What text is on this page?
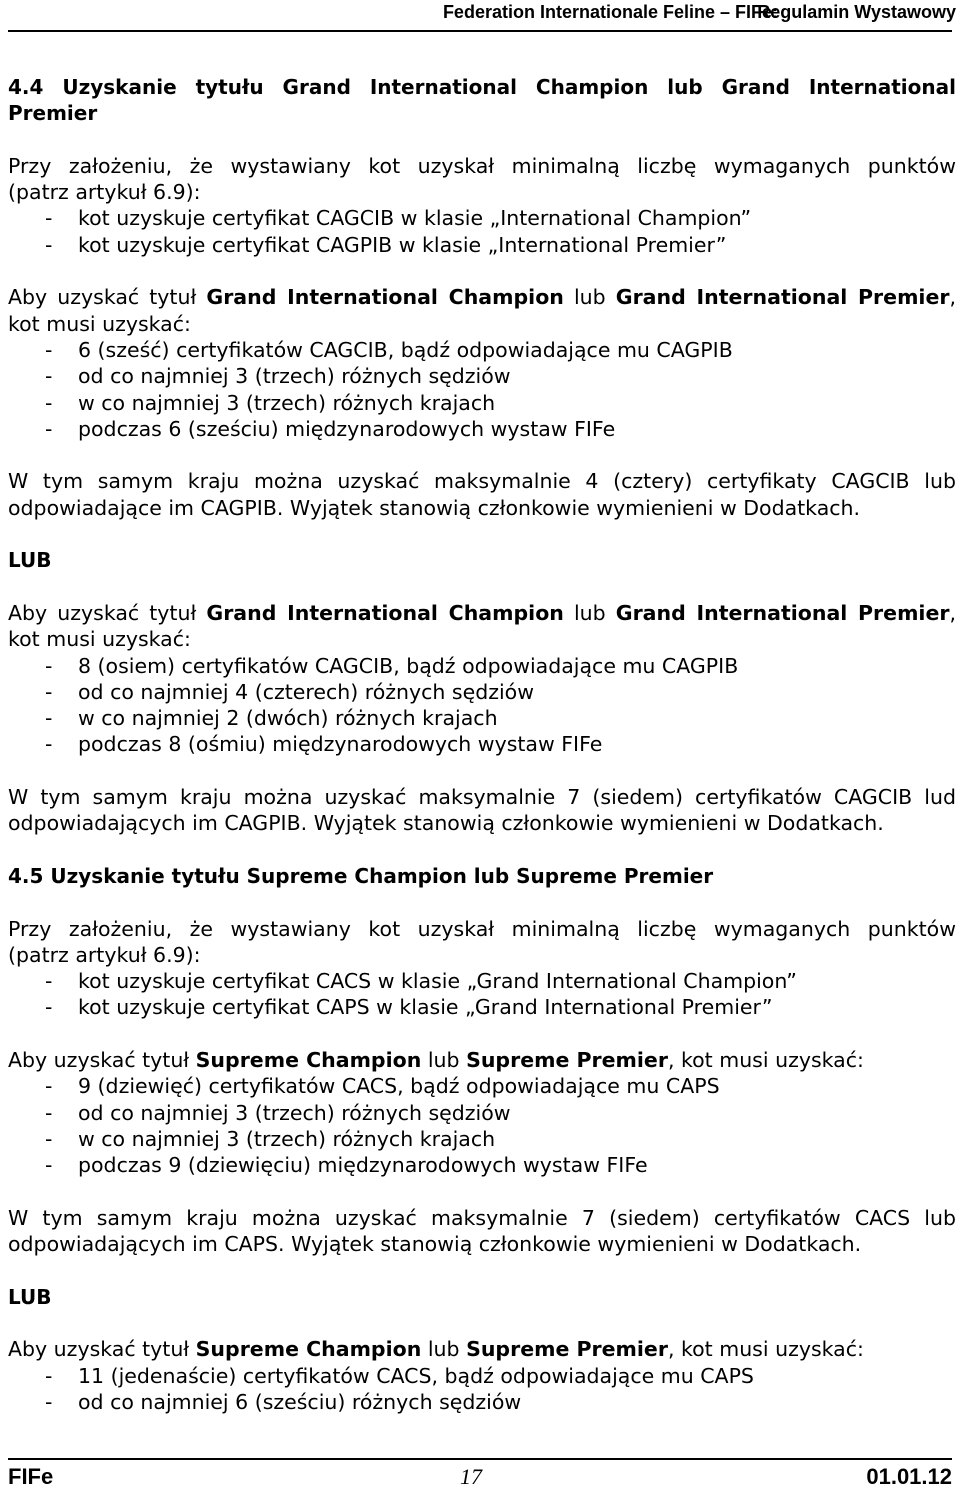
Federation Internationale Feline – FIFe:
Regulamin Wystawowy

4.4 Uzyskanie tytułu Grand International Champion lub Grand International Premier

Przy założeniu, że wystawiany kot uzyskał minimalną liczbę wymaganych punktów

(patrz artykuł 6.9):

- kot uzyskuje certyfikat CAGCIB w klasie „International Champion”
- kot uzyskuje certyfikat CAGPIB w klasie „International Premier”

Aby uzyskać tytuł Grand International Champion lub Grand International Premier, kot musi uzyskać:

- 6 (sześć) certyfikatów CAGCIB, bądź odpowiadające mu CAGPIB
- od co najmniej 3 (trzech) różnych sędziów
- w co najmniej 3 (trzech) różnych krajach
- podczas 6 (sześciu) międzynarodowych wystaw FIFe

W tym samym kraju można uzyskać maksymalnie 4 (cztery) certyfikaty CAGCIB lub

odpowiadające im CAGPIB. Wyjątek stanowią członkowie wymienieni w Dodatkach.

LUB

Aby uzyskać tytuł Grand International Champion lub Grand International Premier, kot musi uzyskać:

- 8 (osiem) certyfikatów CAGCIB, bądź odpowiadające mu CAGPIB
- od co najmniej 4 (czterech) różnych sędziów
- w co najmniej 2 (dwóch) różnych krajach
- podczas 8 (ośmiu) międzynarodowych wystaw FIFe

W tym samym kraju można uzyskać maksymalnie 7 (siedem) certyfikatów CAGCIB lud

odpowiadających im CAGPIB. Wyjątek stanowią członkowie wymienieni w Dodatkach.

4.5 Uzyskanie tytułu Supreme Champion lub Supreme Premier

Przy założeniu, że wystawiany kot uzyskał minimalną liczbę wymaganych punktów

(patrz artykuł 6.9):

- kot uzyskuje certyfikat CACS w klasie „Grand International Champion”
- kot uzyskuje certyfikat CAPS w klasie „Grand International Premier”

Aby uzyskać tytuł Supreme Champion lub Supreme Premier, kot musi uzyskać:

- 9 (dziewięć) certyfikatów CACS, bądź odpowiadające mu CAPS
- od co najmniej 3 (trzech) różnych sędziów
- w co najmniej 3 (trzech) różnych krajach
- podczas 9 (dziewięciu) międzynarodowych wystaw FIFe

W tym samym kraju można uzyskać maksymalnie 7 (siedem) certyfikatów CACS lub

odpowiadających im CAPS. Wyjątek stanowią członkowie wymienieni w Dodatkach.

LUB

Aby uzyskać tytuł Supreme Champion lub Supreme Premier, kot musi uzyskać:

- 11 (jedenaście) certyfikatów CACS, bądź odpowiadające mu CAPS
- od co najmniej 6 (sześciu) różnych sędziów
FIFe	17	01.01.12
